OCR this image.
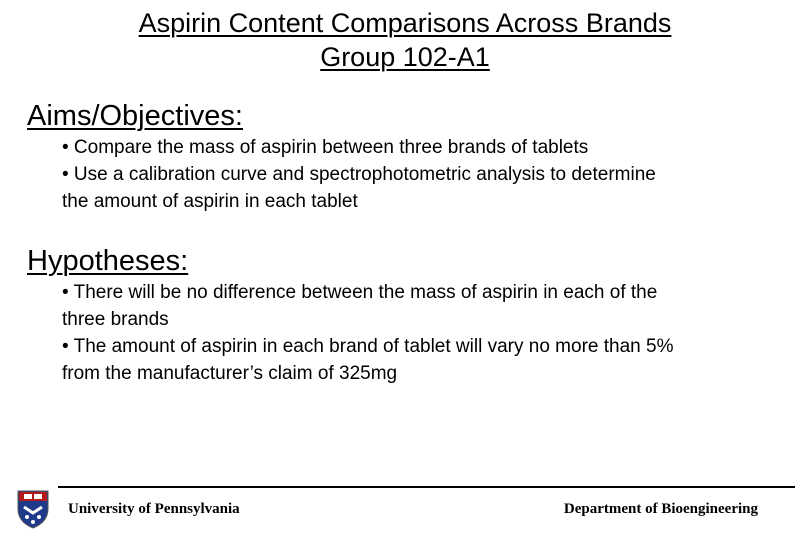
Aspirin Content Comparisons Across Brands
Group 102-A1
Aims/Objectives:
• Compare the mass of aspirin between three brands of tablets
• Use a calibration curve and spectrophotometric analysis to determine
the amount of aspirin in each tablet
Hypotheses:
• There will be no difference between the mass of aspirin in each of the
three brands
• The amount of aspirin in each brand of tablet will vary no more than 5%
from the manufacturer’s claim of 325mg
University of Pennsylvania	Department of Bioengineering
